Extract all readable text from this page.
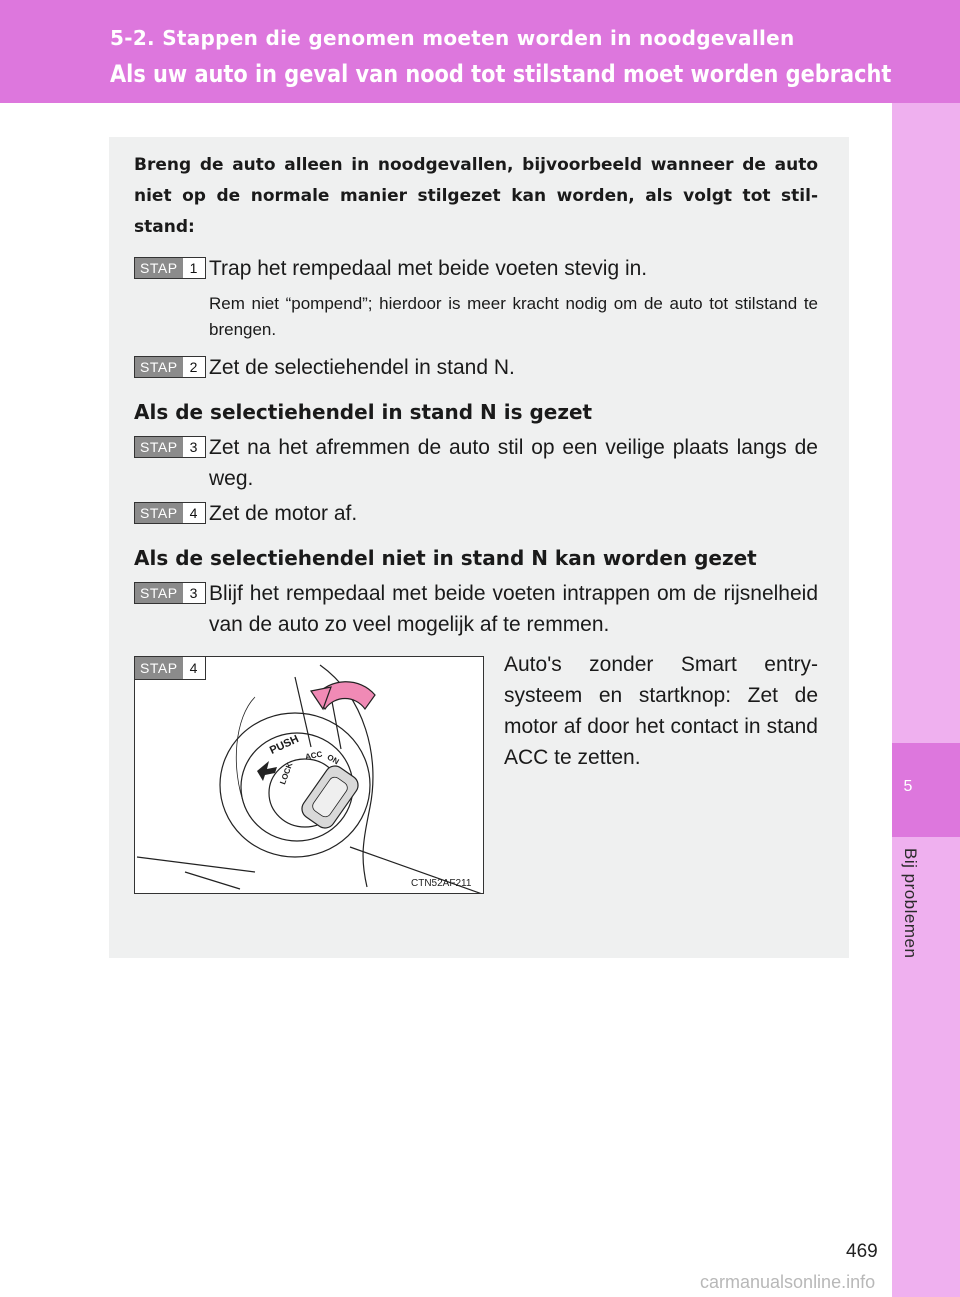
5-2. Stappen die genomen moeten worden in noodgevallen
Als uw auto in geval van nood tot stilstand moet worden gebracht
5
Bij problemen
Breng de auto alleen in noodgevallen, bijvoorbeeld wanneer de auto niet op de normale manier stilgezet kan worden, als volgt tot stilstand:
STAP 1 Trap het rempedaal met beide voeten stevig in.
Rem niet “pompend”; hierdoor is meer kracht nodig om de auto tot stilstand te brengen.
STAP 2 Zet de selectiehendel in stand N.
Als de selectiehendel in stand N is gezet
STAP 3 Zet na het afremmen de auto stil op een veilige plaats langs de weg.
STAP 4 Zet de motor af.
Als de selectiehendel niet in stand N kan worden gezet
STAP 3 Blijf het rempedaal met beide voeten intrappen om de rijsnelheid van de auto zo veel mogelijk af te remmen.
STAP 4
PUSH
LOCK
ACC ON
CTN52AF211
Auto's zonder Smart entrysysteem en startknop: Zet de motor af door het contact in stand ACC te zetten.
469
carmanualsonline.info
